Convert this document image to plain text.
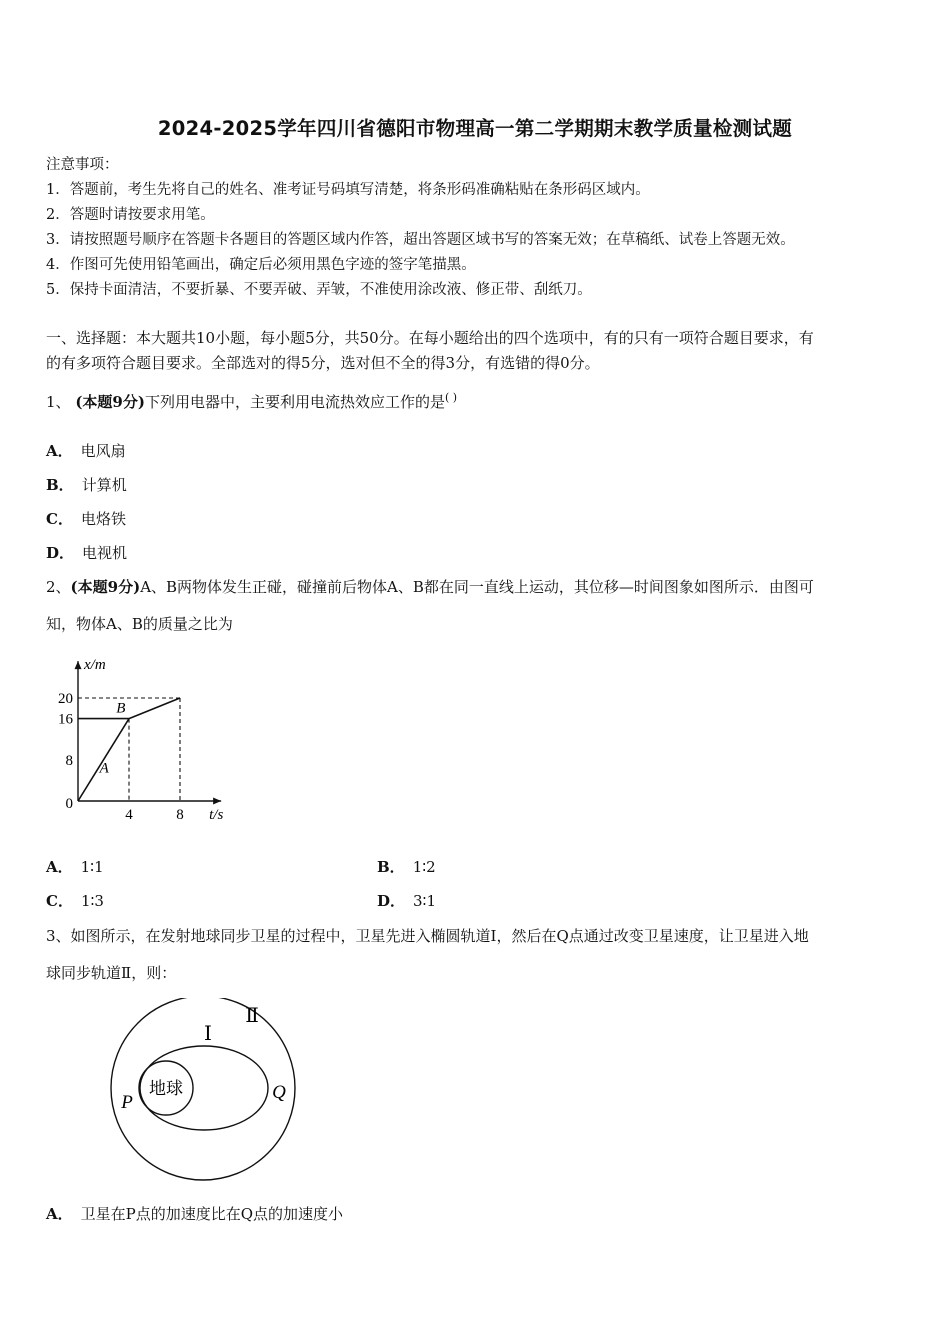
2024-2025学年四川省德阳市物理高一第二学期期末教学质量检测试题
注意事项：
1．答题前，考生先将自己的姓名、准考证号码填写清楚，将条形码准确粘贴在条形码区域内。
2．答题时请按要求用笔。
3．请按照题号顺序在答题卡各题目的答题区域内作答，超出答题区域书写的答案无效；在草稿纸、试卷上答题无效。
4．作图可先使用铅笔画出，确定后必须用黑色字迹的签字笔描黑。
5．保持卡面清洁，不要折暴、不要弄破、弄皱，不准使用涂改液、修正带、刮纸刀。
一、选择题：本大题共10小题，每小题5分，共50分。在每小题给出的四个选项中，有的只有一项符合题目要求，有
的有多项符合题目要求。全部选对的得5分，选对但不全的得3分，有选错的得0分。
1、 (本题9分)下列用电器中，主要利用电流热效应工作的是( )
A． 电风扇
B． 计算机
C． 电烙铁
D． 电视机
2、(本题9分)A、B两物体发生正碰，碰撞前后物体A、B都在同一直线上运动，其位移—时间图象如图所示．由图可
知，物体A、B的质量之比为
x/m
t/s
8
16
20
0
4	8
A
B
A． 1∶1	B． 1∶2
C． 1∶3	D． 3∶1
3、如图所示，在发射地球同步卫星的过程中，卫星先进入椭圆轨道Ⅰ，然后在Q点通过改变卫星速度，让卫星进入地
球同步轨道Ⅱ，则：
地球
Ⅰ
Ⅱ
P	Q
A． 卫星在P点的加速度比在Q点的加速度小
